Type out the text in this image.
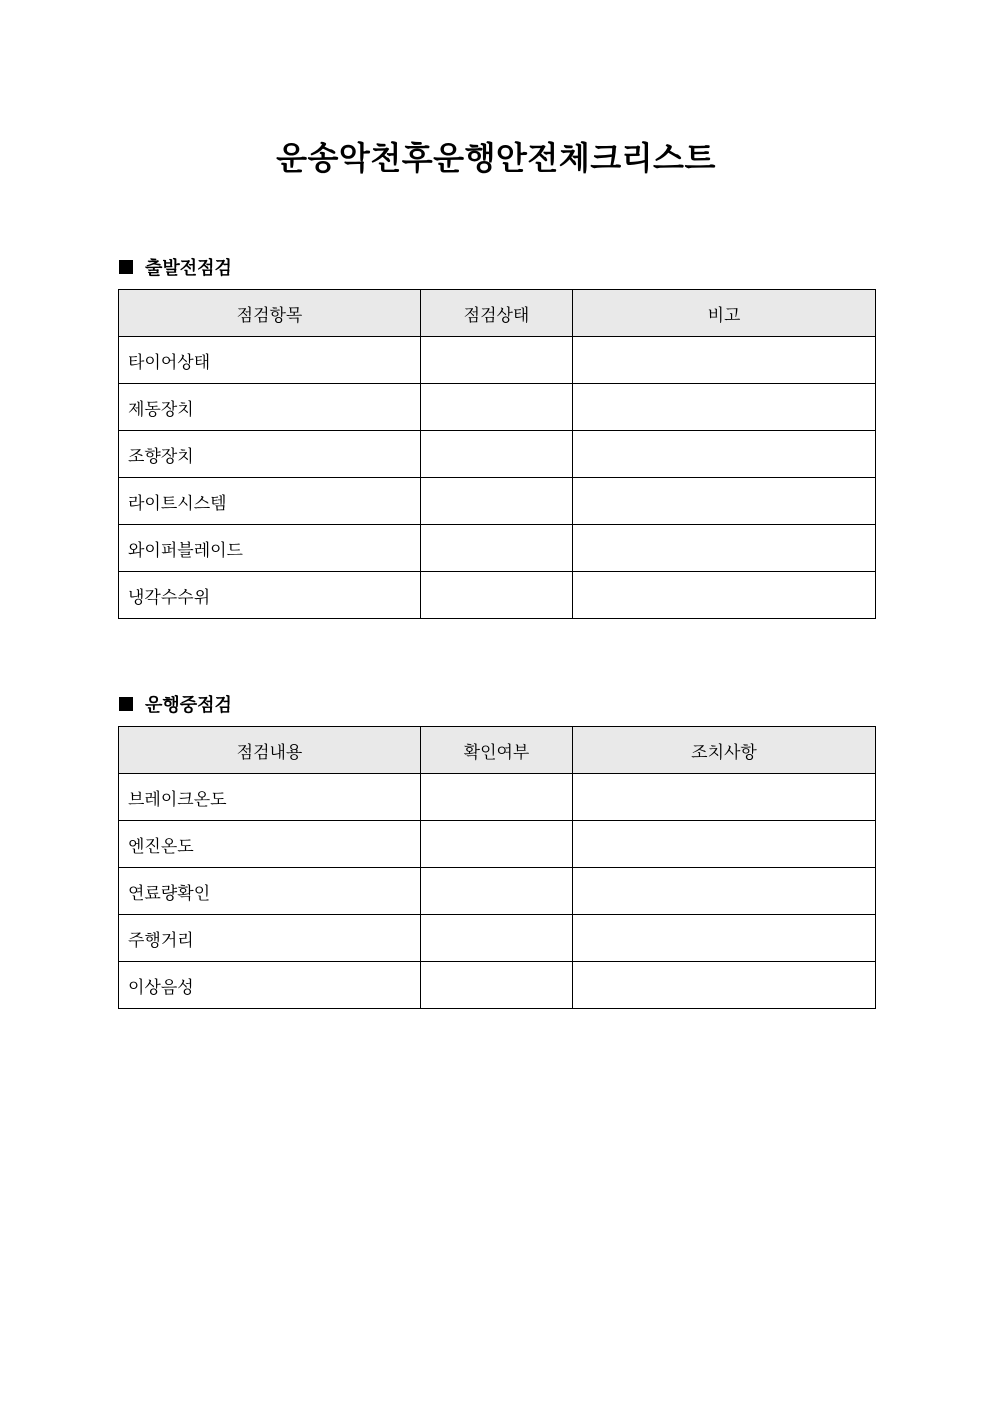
운송악천후운행안전체크리스트
출발전점검
점검항목	점검상태	비고
타이어상태		
제동장치		
조향장치		
라이트시스템		
와이퍼블레이드		
냉각수수위		
운행중점검
점검내용	확인여부	조치사항
브레이크온도		
엔진온도		
연료량확인		
주행거리		
이상음성		
